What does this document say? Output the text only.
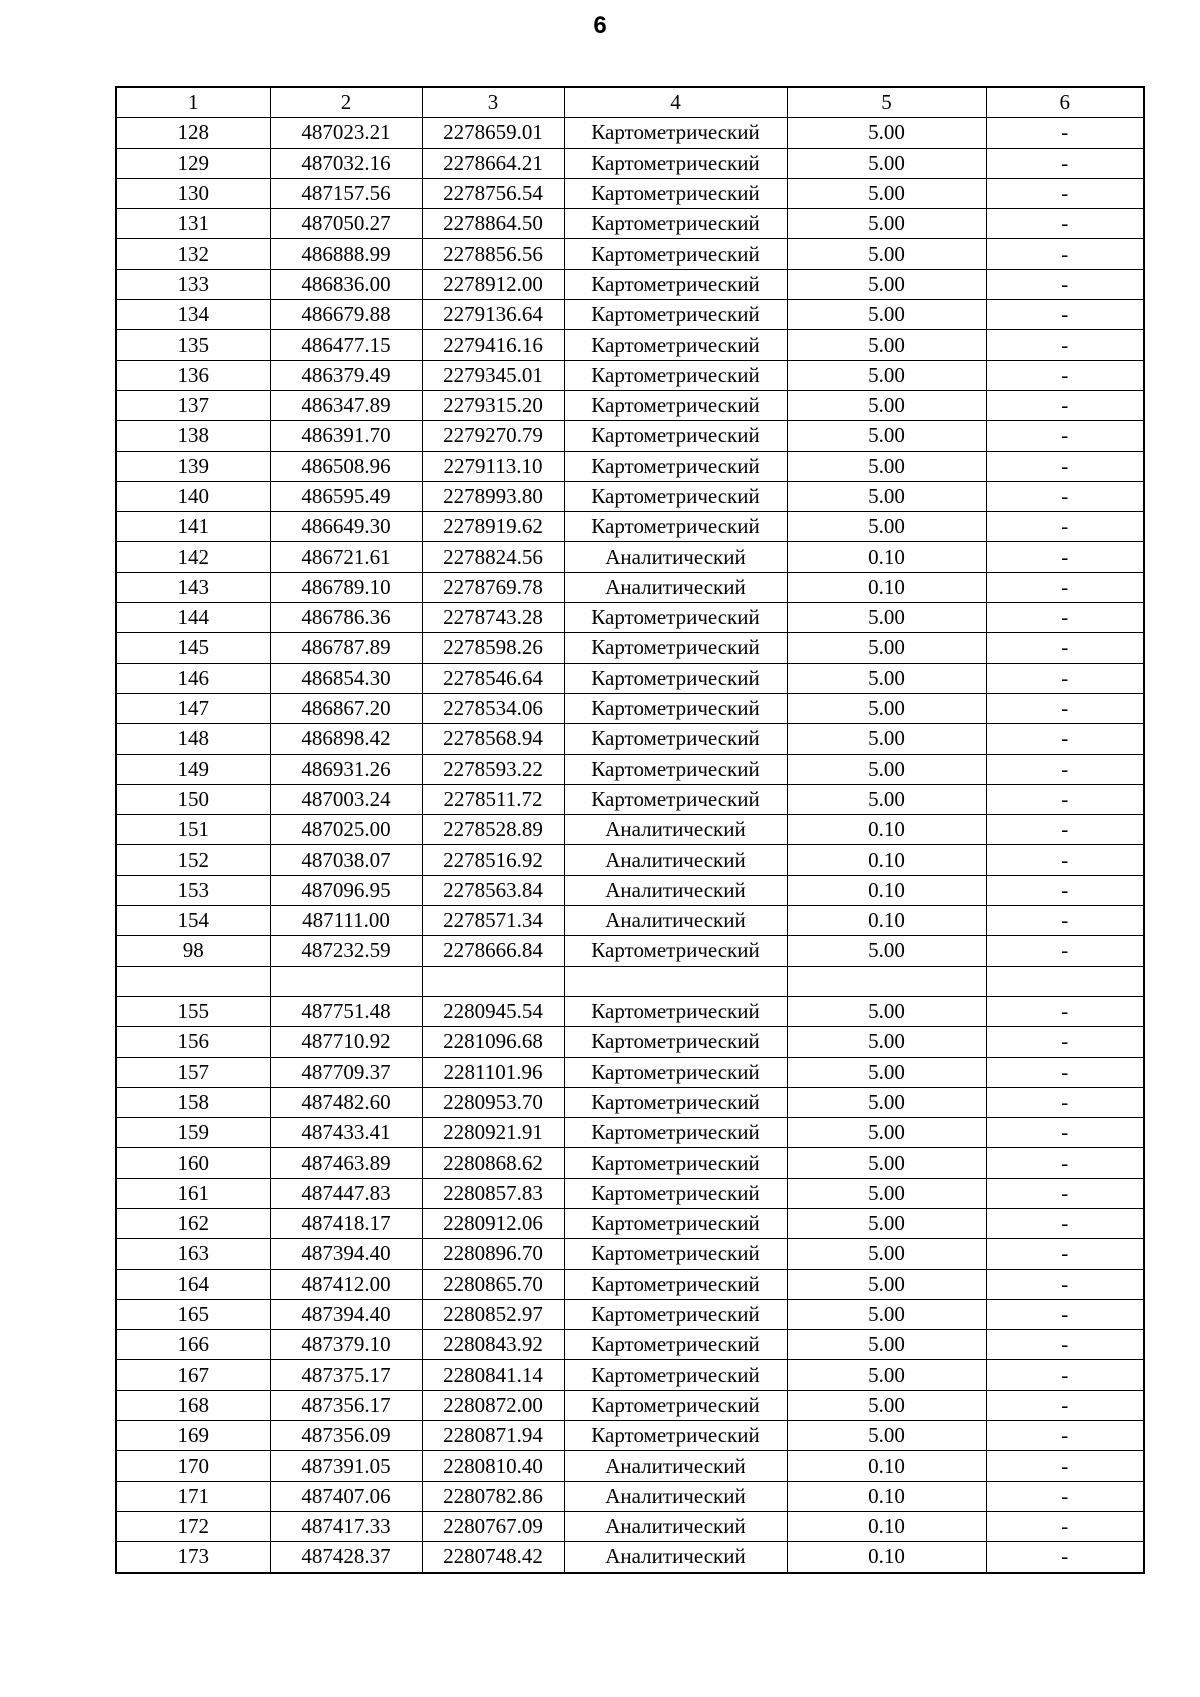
6
1	2	3	4	5	6
128	487023.21	2278659.01	Картометрический	5.00	-
129	487032.16	2278664.21	Картометрический	5.00	-
130	487157.56	2278756.54	Картометрический	5.00	-
131	487050.27	2278864.50	Картометрический	5.00	-
132	486888.99	2278856.56	Картометрический	5.00	-
133	486836.00	2278912.00	Картометрический	5.00	-
134	486679.88	2279136.64	Картометрический	5.00	-
135	486477.15	2279416.16	Картометрический	5.00	-
136	486379.49	2279345.01	Картометрический	5.00	-
137	486347.89	2279315.20	Картометрический	5.00	-
138	486391.70	2279270.79	Картометрический	5.00	-
139	486508.96	2279113.10	Картометрический	5.00	-
140	486595.49	2278993.80	Картометрический	5.00	-
141	486649.30	2278919.62	Картометрический	5.00	-
142	486721.61	2278824.56	Аналитический	0.10	-
143	486789.10	2278769.78	Аналитический	0.10	-
144	486786.36	2278743.28	Картометрический	5.00	-
145	486787.89	2278598.26	Картометрический	5.00	-
146	486854.30	2278546.64	Картометрический	5.00	-
147	486867.20	2278534.06	Картометрический	5.00	-
148	486898.42	2278568.94	Картометрический	5.00	-
149	486931.26	2278593.22	Картометрический	5.00	-
150	487003.24	2278511.72	Картометрический	5.00	-
151	487025.00	2278528.89	Аналитический	0.10	-
152	487038.07	2278516.92	Аналитический	0.10	-
153	487096.95	2278563.84	Аналитический	0.10	-
154	487111.00	2278571.34	Аналитический	0.10	-
98	487232.59	2278666.84	Картометрический	5.00	-

155	487751.48	2280945.54	Картометрический	5.00	-
156	487710.92	2281096.68	Картометрический	5.00	-
157	487709.37	2281101.96	Картометрический	5.00	-
158	487482.60	2280953.70	Картометрический	5.00	-
159	487433.41	2280921.91	Картометрический	5.00	-
160	487463.89	2280868.62	Картометрический	5.00	-
161	487447.83	2280857.83	Картометрический	5.00	-
162	487418.17	2280912.06	Картометрический	5.00	-
163	487394.40	2280896.70	Картометрический	5.00	-
164	487412.00	2280865.70	Картометрический	5.00	-
165	487394.40	2280852.97	Картометрический	5.00	-
166	487379.10	2280843.92	Картометрический	5.00	-
167	487375.17	2280841.14	Картометрический	5.00	-
168	487356.17	2280872.00	Картометрический	5.00	-
169	487356.09	2280871.94	Картометрический	5.00	-
170	487391.05	2280810.40	Аналитический	0.10	-
171	487407.06	2280782.86	Аналитический	0.10	-
172	487417.33	2280767.09	Аналитический	0.10	-
173	487428.37	2280748.42	Аналитический	0.10	-
